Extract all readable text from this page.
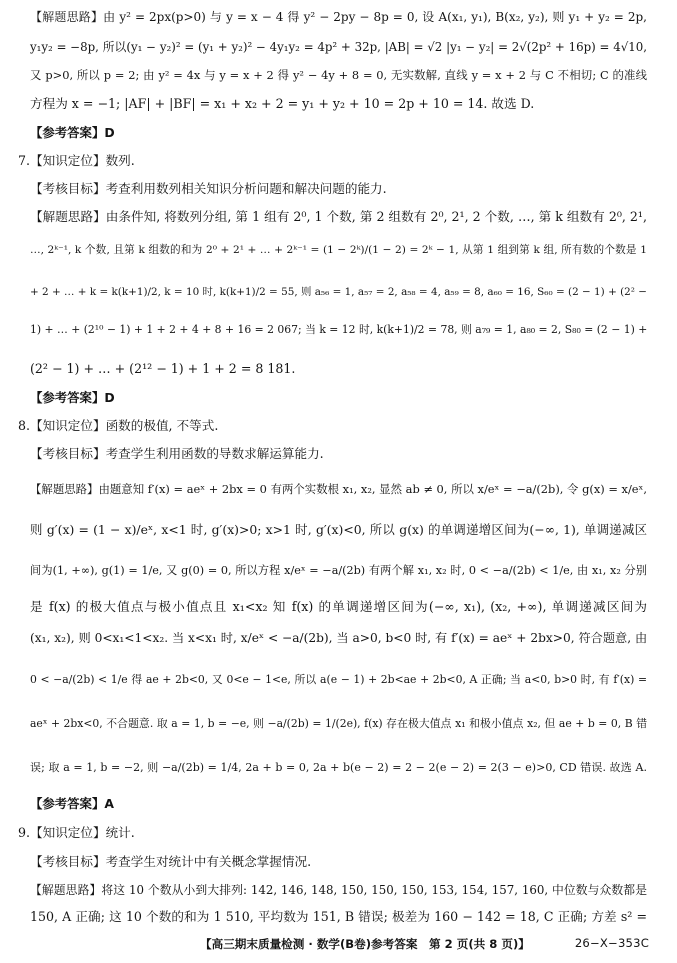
【解题思路】由 y² = 2px(p>0) 与 y = x − 4 得 y² − 2py − 8p = 0, 设 A(x₁, y₁), B(x₂, y₂), 则 y₁ + y₂ = 2p,
y₁y₂ = −8p, 所以(y₁ − y₂)² = (y₁ + y₂)² − 4y₁y₂ = 4p² + 32p, |AB| = √2 |y₁ − y₂| = 2√(2p² + 16p) = 4√10,
又 p>0, 所以 p = 2; 由 y² = 4x 与 y = x + 2 得 y² − 4y + 8 = 0, 无实数解, 直线 y = x + 2 与 C 不相切; C 的准线
方程为 x = −1; |AF| + |BF| = x₁ + x₂ + 2 = y₁ + y₂ + 10 = 2p + 10 = 14. 故选 D.
【参考答案】D
7.【知识定位】数列.
【考核目标】考查利用数列相关知识分析问题和解决问题的能力.
【解题思路】由条件知, 将数列分组, 第 1 组有 2⁰, 1 个数, 第 2 组数有 2⁰, 2¹, 2 个数, …, 第 k 组数有 2⁰, 2¹,
…, 2ᵏ⁻¹, k 个数, 且第 k 组数的和为 2⁰ + 2¹ + … + 2ᵏ⁻¹ = (1 − 2ᵏ)/(1 − 2) = 2ᵏ − 1, 从第 1 组到第 k 组, 所有数的个数是 1
+ 2 + … + k = k(k+1)/2, k = 10 时, k(k+1)/2 = 55, 则 a₅₆ = 1, a₅₇ = 2, a₅₈ = 4, a₅₉ = 8, a₆₀ = 16, S₆₀ = (2 − 1) + (2² −
1) + … + (2¹⁰ − 1) + 1 + 2 + 4 + 8 + 16 = 2 067; 当 k = 12 时, k(k+1)/2 = 78, 则 a₇₉ = 1, a₈₀ = 2, S₈₀ = (2 − 1) +
(2² − 1) + … + (2¹² − 1) + 1 + 2 = 8 181.
【参考答案】D
8.【知识定位】函数的极值, 不等式.
【考核目标】考查学生利用函数的导数求解运算能力.
【解题思路】由题意知 f′(x) = aeˣ + 2bx = 0 有两个实数根 x₁, x₂, 显然 ab ≠ 0, 所以 x/eˣ = −a/(2b), 令 g(x) = x/eˣ,
则 g′(x) = (1 − x)/eˣ, x<1 时, g′(x)>0; x>1 时, g′(x)<0, 所以 g(x) 的单调递增区间为(−∞, 1), 单调递减区
间为(1, +∞), g(1) = 1/e, 又 g(0) = 0, 所以方程 x/eˣ = −a/(2b) 有两个解 x₁, x₂ 时, 0 < −a/(2b) < 1/e, 由 x₁, x₂ 分别
是 f(x) 的极大值点与极小值点且 x₁<x₂ 知 f(x) 的单调递增区间为(−∞, x₁), (x₂, +∞), 单调递减区间为
(x₁, x₂), 则 0<x₁<1<x₂. 当 x<x₁ 时, x/eˣ < −a/(2b), 当 a>0, b<0 时, 有 f′(x) = aeˣ + 2bx>0, 符合题意, 由
0 < −a/(2b) < 1/e 得 ae + 2b<0, 又 0<e − 1<e, 所以 a(e − 1) + 2b<ae + 2b<0, A 正确; 当 a<0, b>0 时, 有 f′(x) =
aeˣ + 2bx<0, 不合题意. 取 a = 1, b = −e, 则 −a/(2b) = 1/(2e), f(x) 存在极大值点 x₁ 和极小值点 x₂, 但 ae + b = 0, B 错
误; 取 a = 1, b = −2, 则 −a/(2b) = 1/4, 2a + b = 0, 2a + b(e − 2) = 2 − 2(e − 2) = 2(3 − e)>0, CD 错误. 故选 A.
【参考答案】A
9.【知识定位】统计.
【考核目标】考查学生对统计中有关概念掌握情况.
【解题思路】将这 10 个数从小到大排列: 142, 146, 148, 150, 150, 150, 153, 154, 157, 160, 中位数与众数都是
150, A 正确; 这 10 个数的和为 1 510, 平均数为 151, B 错误; 极差为 160 − 142 = 18, C 正确; 方差 s² =
【高三期末质量检测 · 数学(B卷)参考答案　第 2 页(共 8 页)】	26−X−353C
